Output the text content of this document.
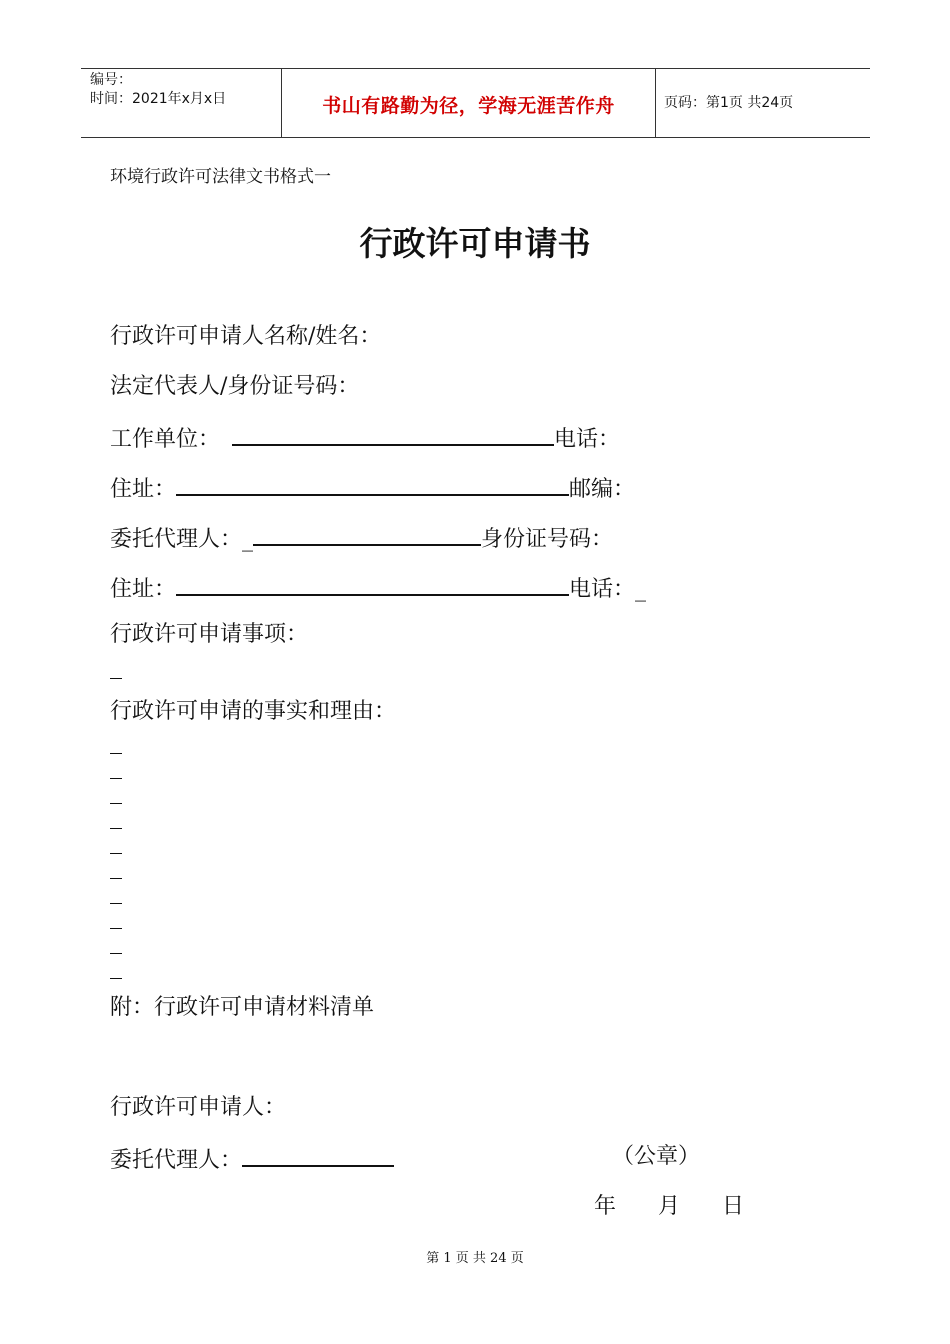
编号：
时间：2021年x月x日	书山有路勤为径，学海无涯苦作舟	页码：第1页 共24页
环境行政许可法律文书格式一
行政许可申请书
行政许可申请人名称/姓名：
法定代表人/身份证号码：
工作单位：	电话：
住址：	邮编：
委托代理人：_	身份证号码：
住址：	电话：_
行政许可申请事项：
行政许可申请的事实和理由：
附：行政许可申请材料清单
行政许可申请人：
委托代理人：	（公章）
年 月 日
第 1 页 共 24 页
